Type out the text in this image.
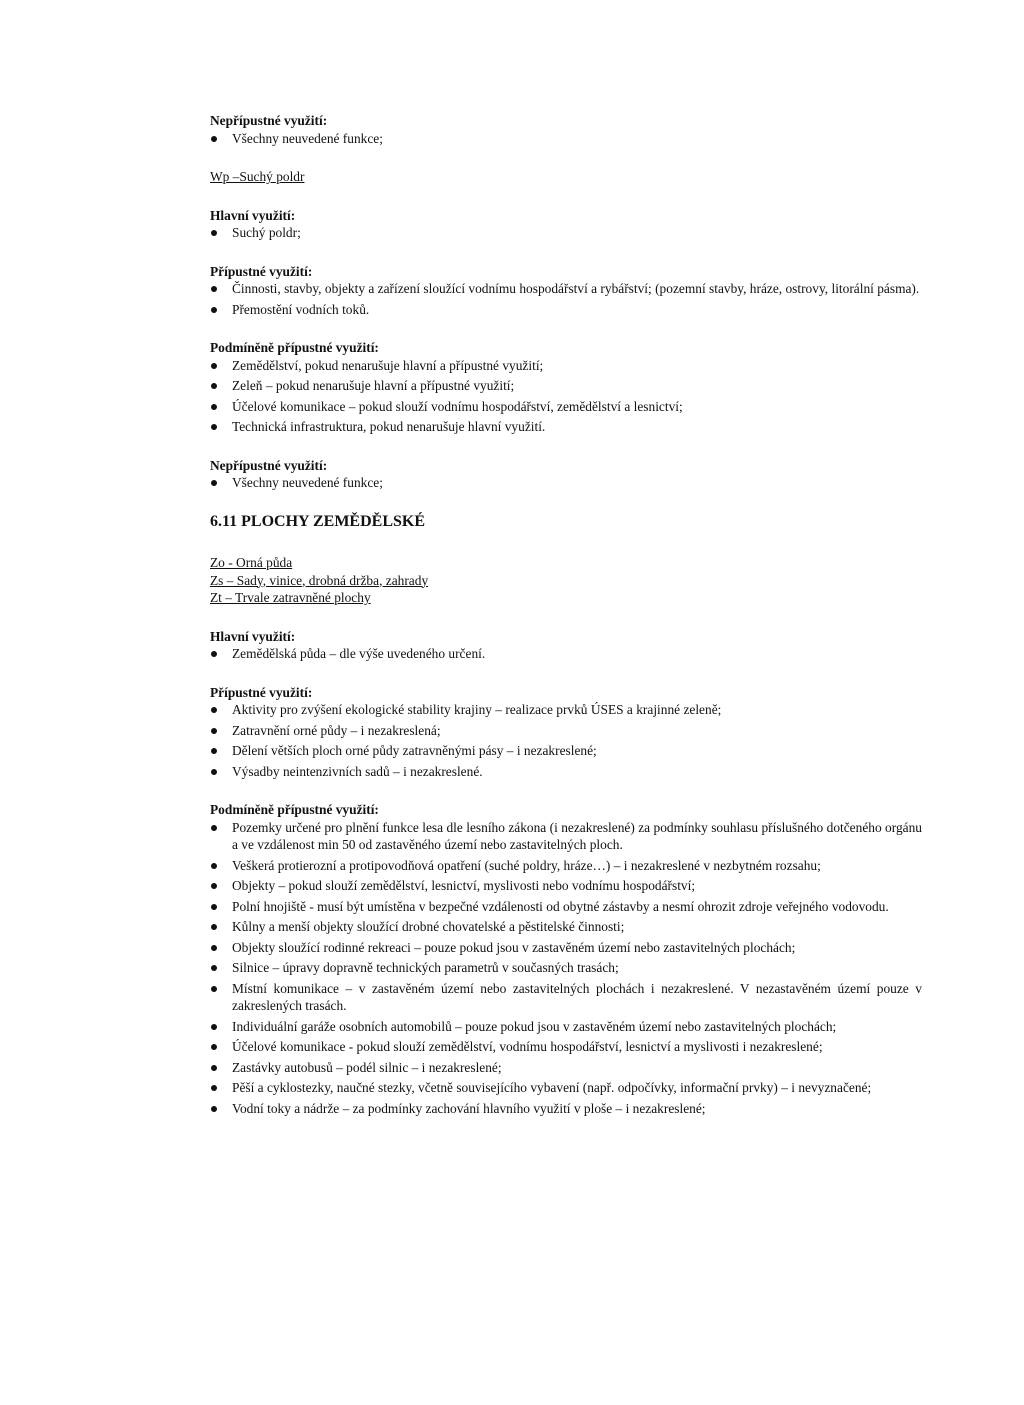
Nepřípustné využití:

Všechny neuvedené funkce;

Wp –Suchý poldr

Hlavní využití:

Suchý poldr;

Přípustné využití:

Činnosti, stavby, objekty a zařízení sloužící vodnímu hospodářství a rybářství; (pozemní stavby, hráze, ostrovy, litorální pásma).
Přemostění vodních toků.

Podmíněně přípustné využití:

Zemědělství, pokud nenarušuje hlavní a přípustné využití;
Zeleň – pokud nenarušuje hlavní a přípustné využití;
Účelové komunikace – pokud slouží vodnímu hospodářství, zemědělství a lesnictví;
Technická infrastruktura, pokud nenarušuje hlavní využití.

Nepřípustné využití:

Všechny neuvedené funkce;

6.11 PLOCHY ZEMĚDĚLSKÉ

Zo - Orná půda

Zs – Sady, vinice, drobná držba, zahrady

Zt – Trvale zatravněné plochy

Hlavní využití:

Zemědělská půda – dle výše uvedeného určení.

Přípustné využití:

Aktivity pro zvýšení ekologické stability krajiny – realizace prvků ÚSES a krajinné zeleně;
Zatravnění orné půdy – i nezakreslená;
Dělení větších ploch orné půdy zatravněnými pásy – i nezakreslené;
Výsadby neintenzivních sadů – i nezakreslené.

Podmíněně přípustné využití:

Pozemky určené pro plnění funkce lesa dle lesního zákona (i nezakreslené) za podmínky souhlasu příslušného dotčeného orgánu a ve vzdálenost min 50 od zastavěného území nebo zastavitelných ploch.
Veškerá protierozní a protipovodňová opatření (suché poldry, hráze…) – i nezakreslené v nezbytném rozsahu;
Objekty – pokud slouží zemědělství, lesnictví, myslivosti nebo vodnímu hospodářství;
Polní hnojiště - musí být umístěna v bezpečné vzdálenosti od obytné zástavby a nesmí ohrozit zdroje veřejného vodovodu.
Kůlny a menší objekty sloužící drobné chovatelské a pěstitelské činnosti;
Objekty sloužící rodinné rekreaci – pouze pokud jsou v zastavěném území nebo zastavitelných plochách;
Silnice – úpravy dopravně technických parametrů v současných trasách;
Místní komunikace – v zastavěném území nebo zastavitelných plochách i nezakreslené. V nezastavěném území pouze v zakreslených trasách.
Individuální garáže osobních automobilů – pouze pokud jsou v zastavěném území nebo zastavitelných plochách;
Účelové komunikace - pokud slouží zemědělství, vodnímu hospodářství, lesnictví a myslivosti i nezakreslené;
Zastávky autobusů – podél silnic – i nezakreslené;
Pěší a cyklostezky, naučné stezky, včetně souvisejícího vybavení (např. odpočívky, informační prvky) – i nevyznačené;
Vodní toky a nádrže – za podmínky zachování hlavního využití v ploše – i nezakreslené;
